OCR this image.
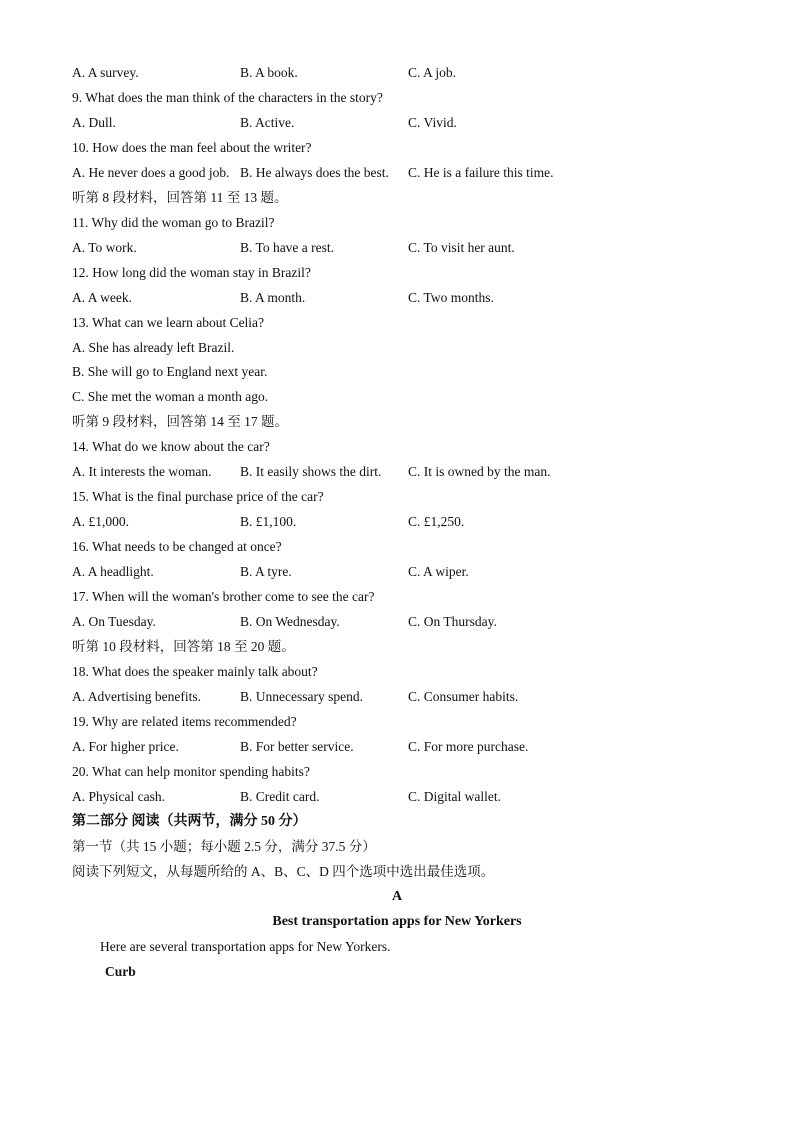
A. A survey.	B. A book.	C. A job.
9. What does the man think of the characters in the story?
A. Dull.	B. Active.	C. Vivid.
10. How does the man feel about the writer?
A. He never does a good job. B. He always does the best. C. He is a failure this time.
听第 8 段材料，回答第 11 至 13 题。
11. Why did the woman go to Brazil?
A. To work.	B. To have a rest.	C. To visit her aunt.
12. How long did the woman stay in Brazil?
A. A week.	B. A month.	C. Two months.
13. What can we learn about Celia?
A. She has already left Brazil.
B. She will go to England next year.
C. She met the woman a month ago.
听第 9 段材料，回答第 14 至 17 题。
14. What do we know about the car?
A. It interests the woman. B. It easily shows the dirt. C. It is owned by the man.
15. What is the final purchase price of the car?
A. £1,000.	B. £1,100.	C. £1,250.
16. What needs to be changed at once?
A. A headlight.	B. A tyre.	C. A wiper.
17. When will the woman's brother come to see the car?
A. On Tuesday.	B. On Wednesday.	C. On Thursday.
听第 10 段材料，回答第 18 至 20 题。
18. What does the speaker mainly talk about?
A. Advertising benefits.	B. Unnecessary spend.	C. Consumer habits.
19. Why are related items recommended?
A. For higher price.	B. For better service.	C. For more purchase.
20. What can help monitor spending habits?
A. Physical cash.	B. Credit card.	C. Digital wallet.
第二部分 阅读（共两节，满分 50 分）
第一节（共 15 小题；每小题 2.5 分，满分 37.5 分）
阅读下列短文，从每题所给的 A、B、C、D 四个选项中选出最佳选项。
A
Best transportation apps for New Yorkers
Here are several transportation apps for New Yorkers.
Curb
